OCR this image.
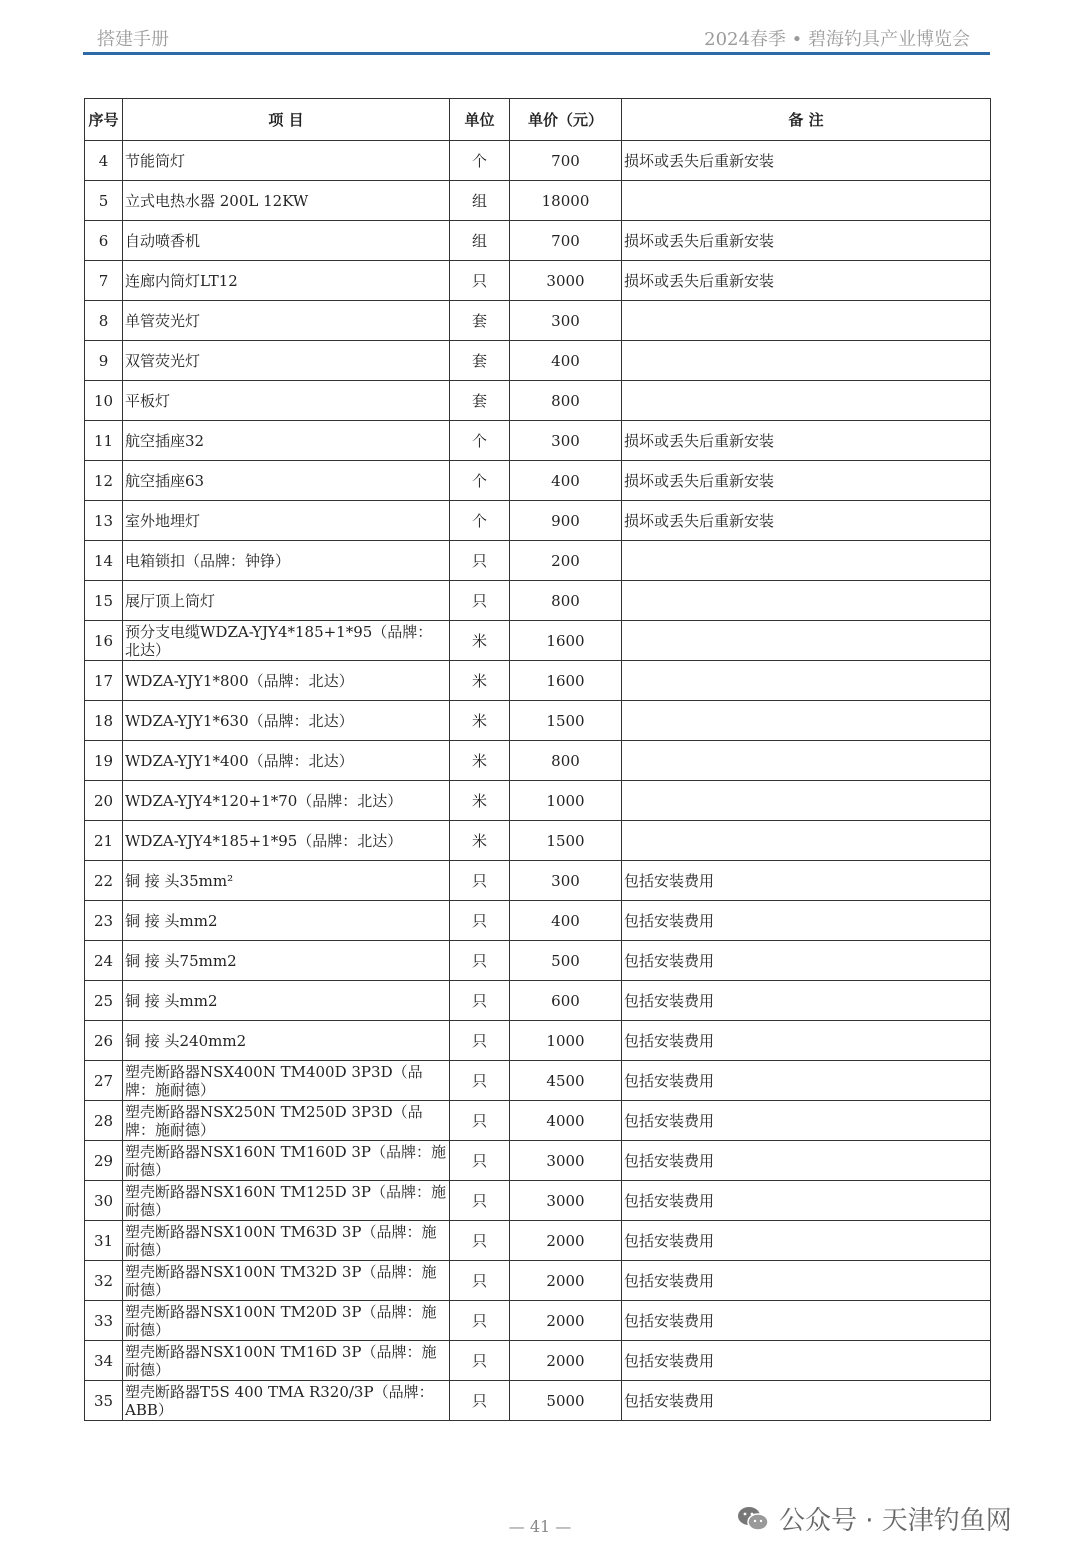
搭建手册	2024春季 • 碧海钓具产业博览会
序号	项 目	单位	单价（元）	备 注
4	节能筒灯	个	700	损坏或丢失后重新安装
5	立式电热水器 200L 12KW	组	18000	
6	自动喷香机	组	700	损坏或丢失后重新安装
7	连廊内筒灯LT12	只	3000	损坏或丢失后重新安装
8	单管荧光灯	套	300	
9	双管荧光灯	套	400	
10	平板灯	套	800	
11	航空插座32	个	300	损坏或丢失后重新安装
12	航空插座63	个	400	损坏或丢失后重新安装
13	室外地埋灯	个	900	损坏或丢失后重新安装
14	电箱锁扣（品牌：钟铮）	只	200	
15	展厅顶上筒灯	只	800	
16	预分支电缆WDZA-YJY4*185+1*95（品牌：北达）	米	1600	
17	WDZA-YJY1*800（品牌：北达）	米	1600	
18	WDZA-YJY1*630（品牌：北达）	米	1500	
19	WDZA-YJY1*400（品牌：北达）	米	800	
20	WDZA-YJY4*120+1*70（品牌：北达）	米	1000	
21	WDZA-YJY4*185+1*95（品牌：北达）	米	1500	
22	铜 接 头35mm²	只	300	包括安装费用
23	铜 接 头mm2	只	400	包括安装费用
24	铜 接 头75mm2	只	500	包括安装费用
25	铜 接 头mm2	只	600	包括安装费用
26	铜 接 头240mm2	只	1000	包括安装费用
27	塑壳断路器NSX400N TM400D 3P3D（品牌：施耐德）	只	4500	包括安装费用
28	塑壳断路器NSX250N TM250D 3P3D（品牌：施耐德）	只	4000	包括安装费用
29	塑壳断路器NSX160N TM160D 3P（品牌：施耐德）	只	3000	包括安装费用
30	塑壳断路器NSX160N TM125D 3P（品牌：施耐德）	只	3000	包括安装费用
31	塑壳断路器NSX100N TM63D 3P（品牌：施耐德）	只	2000	包括安装费用
32	塑壳断路器NSX100N TM32D 3P（品牌：施耐德）	只	2000	包括安装费用
33	塑壳断路器NSX100N TM20D 3P（品牌：施耐德）	只	2000	包括安装费用
34	塑壳断路器NSX100N TM16D 3P（品牌：施耐德）	只	2000	包括安装费用
35	塑壳断路器T5S 400 TMA R320/3P（品牌：ABB）	只	5000	包括安装费用
— 41 —	公众号 · 天津钓鱼网
